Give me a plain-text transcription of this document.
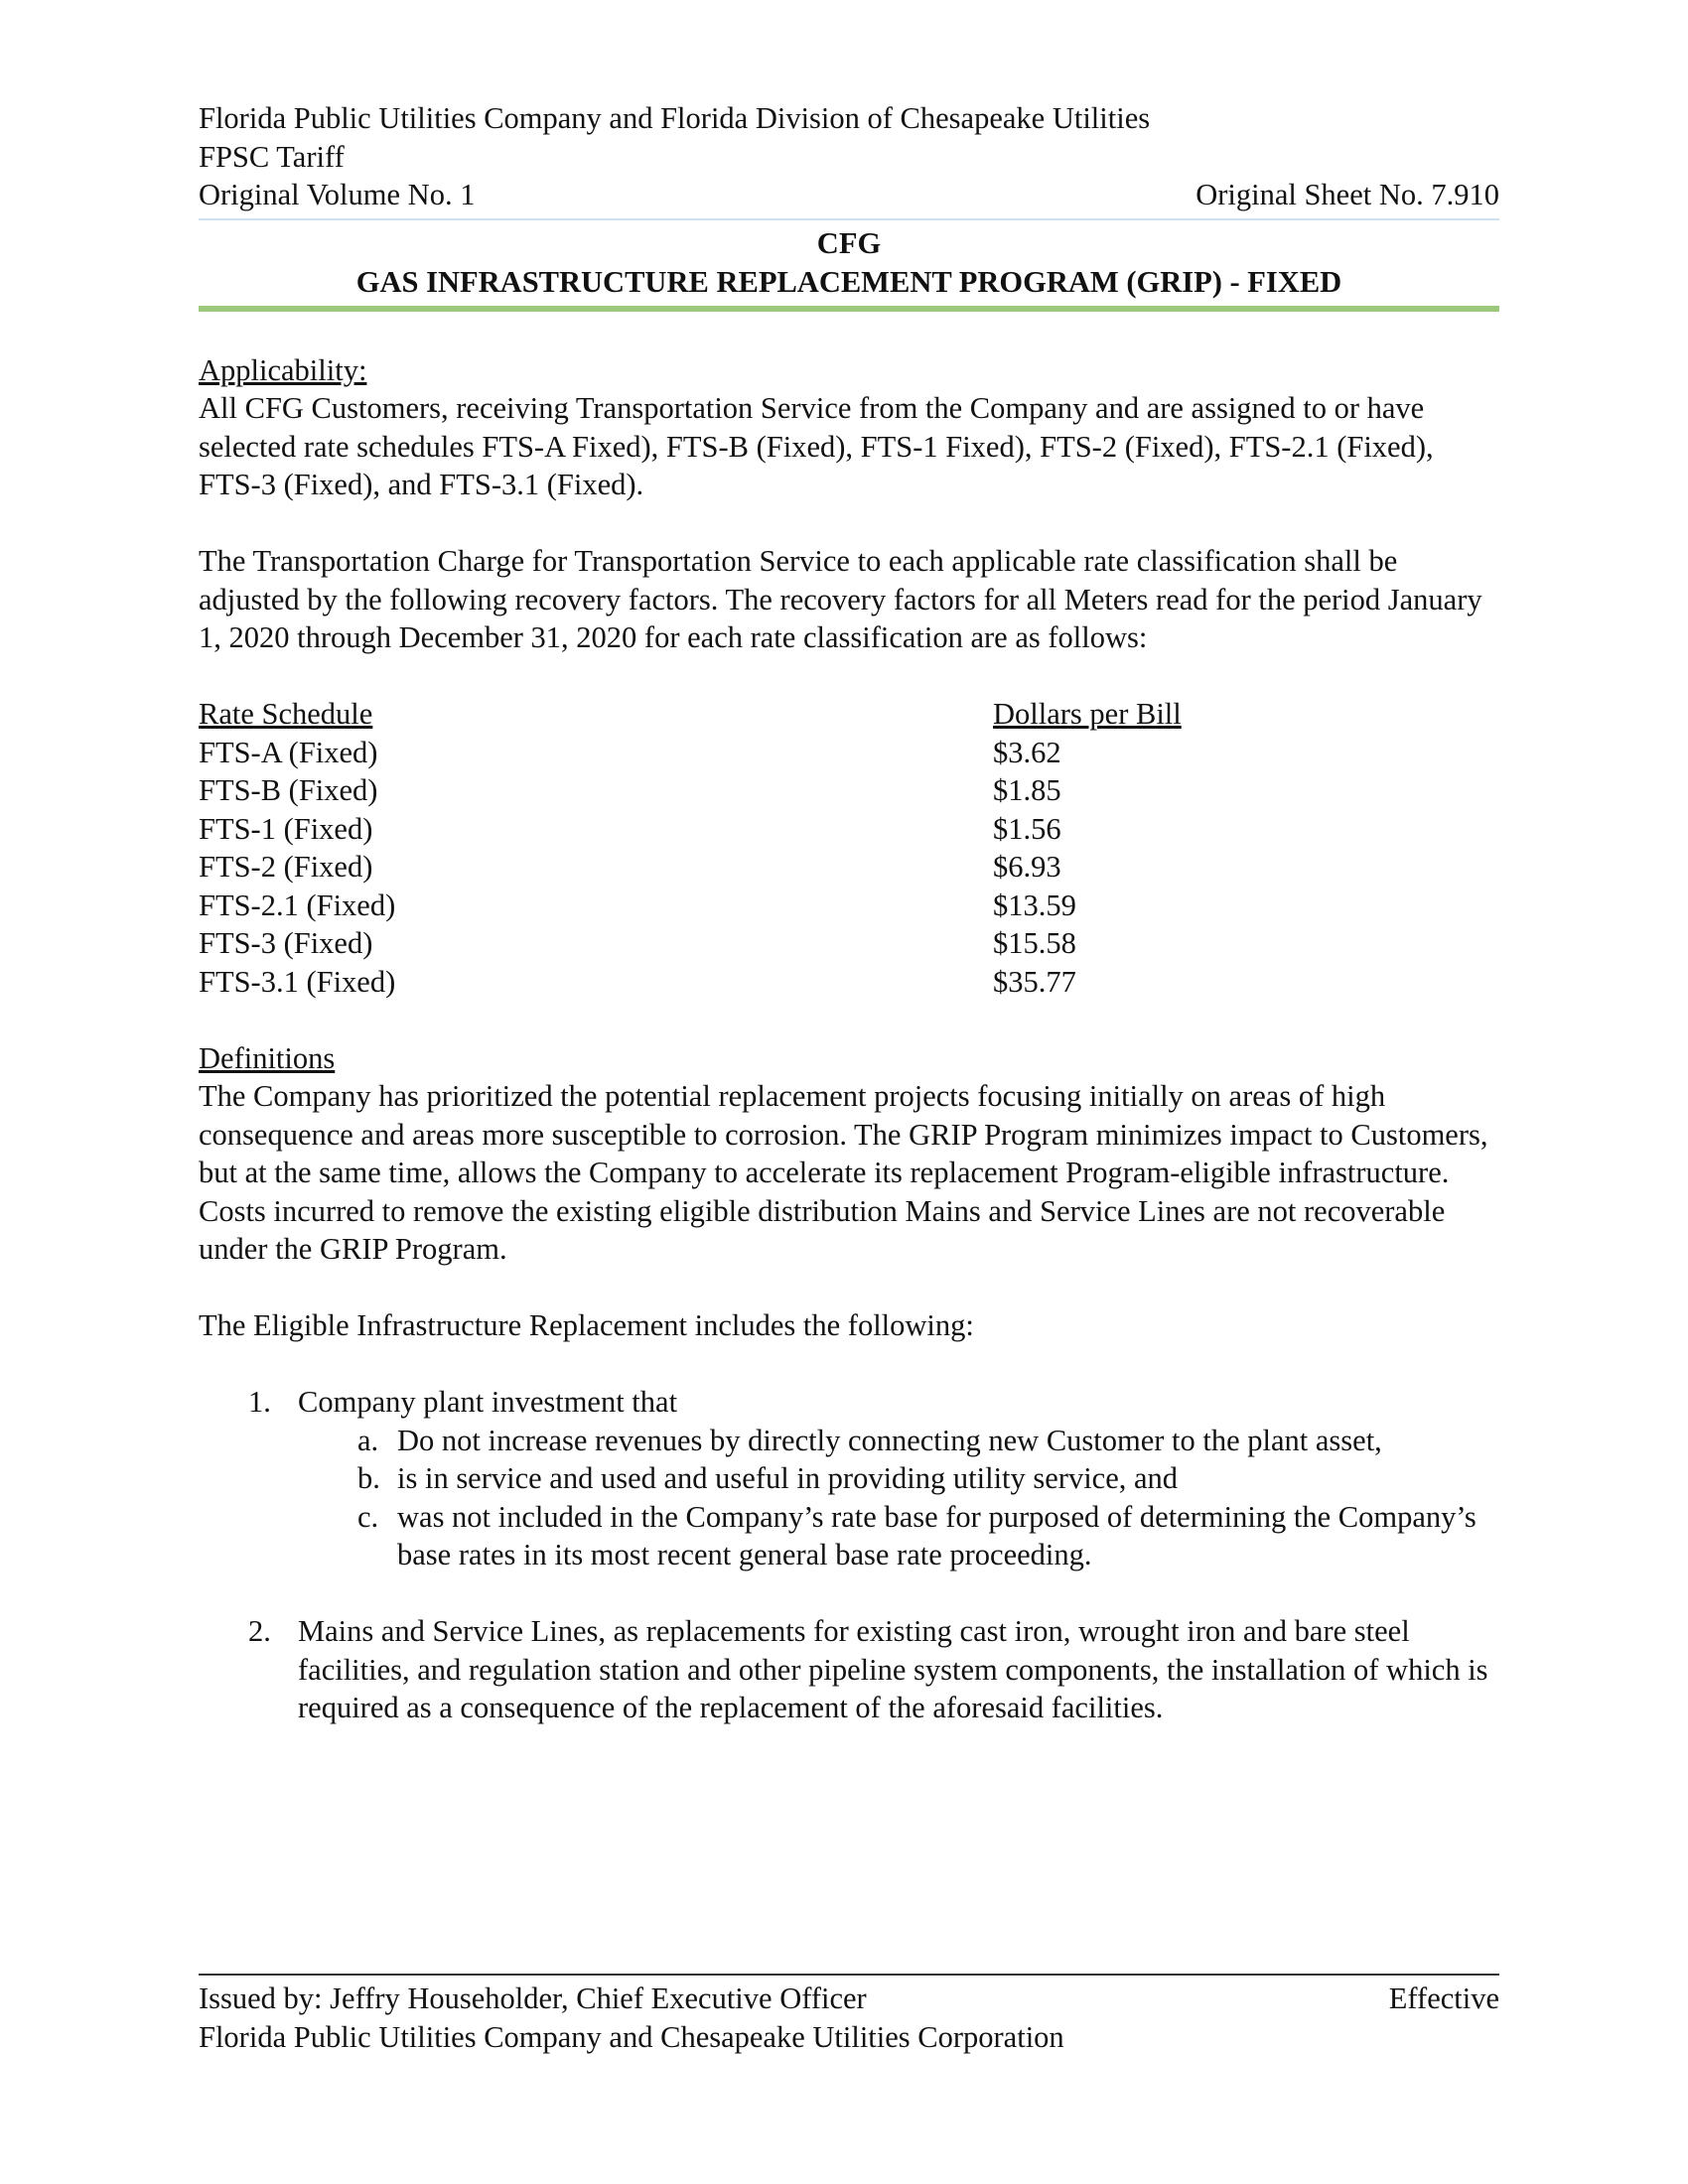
Florida Public Utilities Company and Florida Division of Chesapeake Utilities
FPSC Tariff
Original Volume No. 1	Original Sheet No. 7.910
CFG
GAS INFRASTRUCTURE REPLACEMENT PROGRAM (GRIP) - FIXED
Applicability:

All CFG Customers, receiving Transportation Service from the Company and are assigned to or have selected rate schedules FTS-A Fixed), FTS-B (Fixed), FTS-1 Fixed), FTS-2 (Fixed), FTS-2.1 (Fixed), FTS-3 (Fixed), and FTS-3.1 (Fixed).

The Transportation Charge for Transportation Service to each applicable rate classification shall be adjusted by the following recovery factors. The recovery factors for all Meters read for the period January 1, 2020 through December 31, 2020 for each rate classification are as follows:

Rate Schedule	Dollars per Bill
FTS-A (Fixed)	$3.62
FTS-B (Fixed)	$1.85
FTS-1 (Fixed)	$1.56
FTS-2 (Fixed)	$6.93
FTS-2.1 (Fixed)	$13.59
FTS-3 (Fixed)	$15.58
FTS-3.1 (Fixed)	$35.77
Definitions

The Company has prioritized the potential replacement projects focusing initially on areas of high consequence and areas more susceptible to corrosion. The GRIP Program minimizes impact to Customers, but at the same time, allows the Company to accelerate its replacement Program-eligible infrastructure. Costs incurred to remove the existing eligible distribution Mains and Service Lines are not recoverable under the GRIP Program.

The Eligible Infrastructure Replacement includes the following:

1. Company plant investment that
a. Do not increase revenues by directly connecting new Customer to the plant asset,
b. is in service and used and useful in providing utility service, and
c. was not included in the Company’s rate base for purposed of determining the Company’s base rates in its most recent general base rate proceeding.
2. Mains and Service Lines, as replacements for existing cast iron, wrought iron and bare steel facilities, and regulation station and other pipeline system components, the installation of which is required as a consequence of the replacement of the aforesaid facilities.
Issued by: Jeffry Householder, Chief Executive Officer	Effective
Florida Public Utilities Company and Chesapeake Utilities Corporation
